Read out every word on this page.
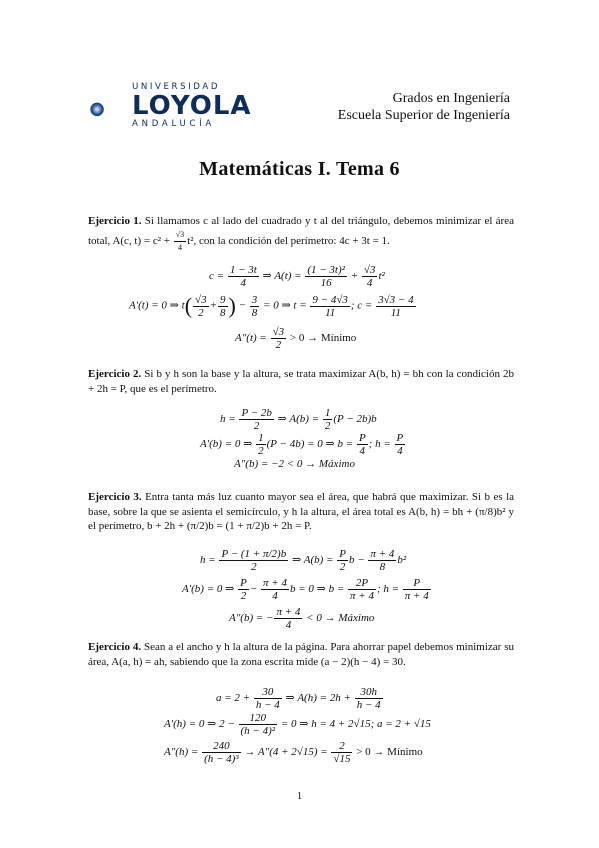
UNIVERSIDAD
LOYOLA
ANDALUCÍA
Grados en Ingeniería
Escuela Superior de Ingeniería
Matemáticas I. Tema 6
Ejercicio 1. Si llamamos c al lado del cuadrado y t al del triángulo, debemos minimizar el área total, A(c, $t) = c^2 + \frac{√3}{4} t^2$, con la condición del perímetro: 4c + 3t = 1.
$c = \frac{1 - 3t}{4}$ ⇒ $A(t) = \frac{\text{(1 − 3t)²}}{16} + \frac{√3}{4} t^2$
A′(t) = 0 ⇒ $t( \frac{√3}{2} + \frac{9}{8}$ ) − $\frac{3}{8} = 0$ ⇒ $t = \frac{9 - 4√3}{11}$ ; $c = \frac{3√3 - 4}{11}$
$A''(t) = \frac{√3}{2} > 0$ → Mínimo
Ejercicio 2. Si b y h son la base y la altura, se trata maximizar A(b, h) = bh con la condición 2b + 2h = P, que es el perímetro.
$h = \frac{P - 2b}{2}$ ⇒ $A(b) = \frac{1}{2} (P - 2b)b$
A′(b) = 0 ⇒ $\frac{1}{2} (P - 4b) = 0$ ⇒ $b = \frac{P}{4}$ ; $h = \frac{P}{4}$
A″(b) = −2 < 0 → Máximo
Ejercicio 3. Entra tanta más luz cuanto mayor sea el área, que habrá que maximizar. Si b es la base, sobre la que se asienta el semicírculo, y h la altura, el área total es A(b, h) = bh + (π/8)b² y el perímetro, b + 2h + (π/2)b = (1 + π/2)b + 2h = P.
$h = \frac{P - (1 + \pi/2)b}{2}$ ⇒ $A(b) = \frac{P}{2}$ $b - \frac{\pi + 4}{8} b^2$
A′(b) = 0 ⇒ $\frac{P}{2} - \frac{\pi + 4}{4}$ b = 0 ⇒ $b = \frac{2P}{\pi + 4}$ ; $h = \frac{P}{\pi + 4}$
A″(b) = − $\frac{\pi + 4}{4} < 0$ → Máximo
Ejercicio 4. Sean a el ancho y h la altura de la página. Para ahorrar papel debemos minimizar su área, A(a, h) = ah, sabiendo que la zona escrita mide (a − 2)(h − 4) = 30.
$a = 2 + \frac{30}{h - 4}$ ⇒ $A(h) = 2h + \frac{30h}{h - 4}$
A′(h) = 0 ⇒ $2 - \frac{120}{\text{(h − 4)²}} = 0$ ⇒ h = 4 + 2√15; a = 2 + √15
$A''(h) = \frac{240}{\text{(h − 4)³}} \to A''(4 + 2√15) = \frac{2}{√15} > 0$ → Mínimo
1
